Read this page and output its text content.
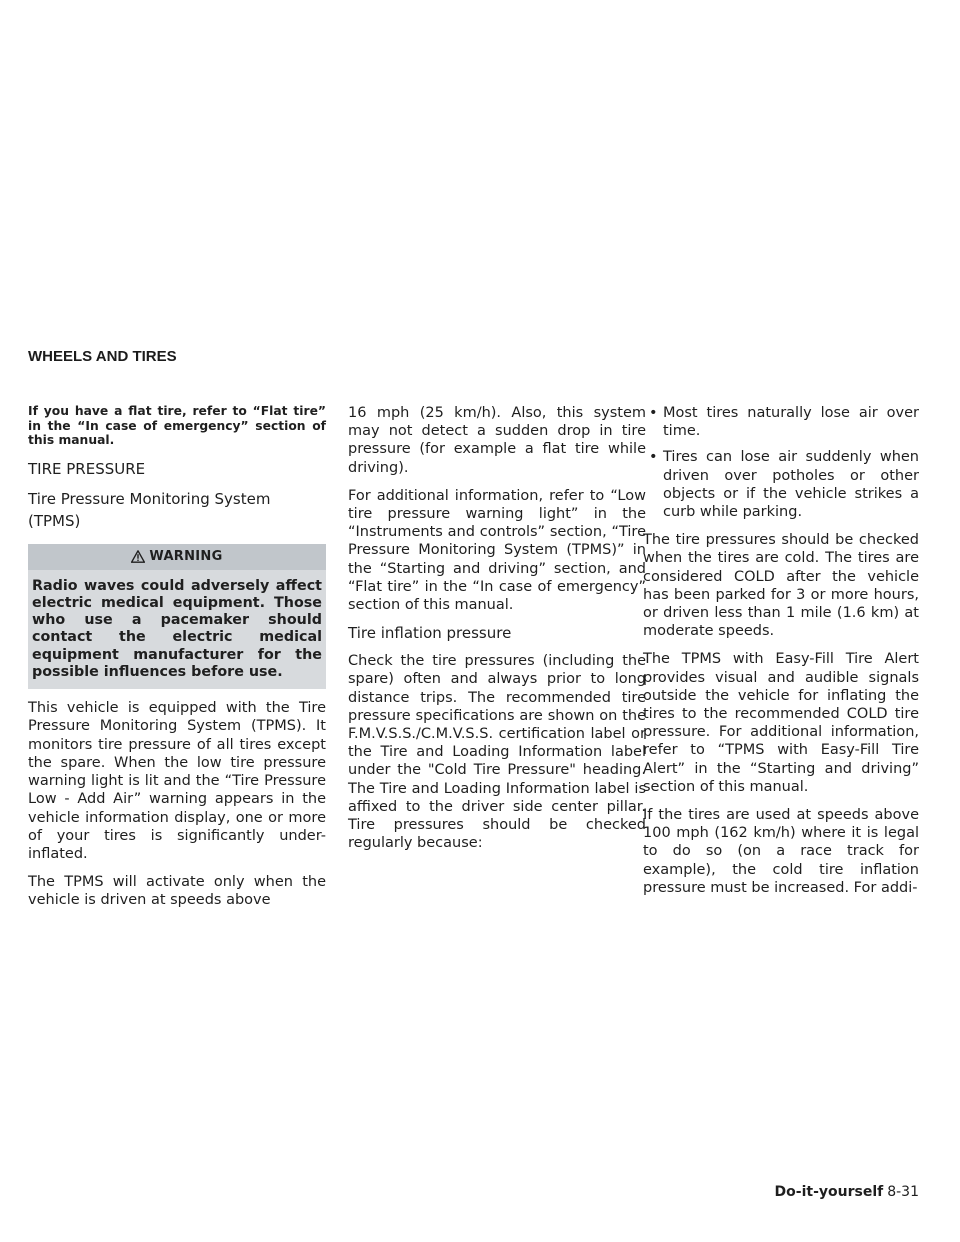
WHEELS AND TIRES

If you have a flat tire, refer to “Flat tire” in the “In case of emergency” section of this manual.

TIRE PRESSURE
Tire Pressure Monitoring System (TPMS)
WARNING

Radio waves could adversely affect electric medical equipment. Those who use a pacemaker should contact the electric medical equipment manufacturer for the possible influences before use.

This vehicle is equipped with the Tire Pressure Monitoring System (TPMS). It monitors tire pressure of all tires except the spare. When the low tire pressure warning light is lit and the “Tire Pressure Low - Add Air” warning appears in the vehicle information display, one or more of your tires is significantly under-inflated.

The TPMS will activate only when the vehicle is driven at speeds above

16 mph (25 km/h). Also, this system may not detect a sudden drop in tire pressure (for example a flat tire while driving).

For additional information, refer to “Low tire pressure warning light” in the “Instruments and controls” section, “Tire Pressure Monitoring System (TPMS)” in the “Starting and driving” section, and “Flat tire” in the “In case of emergency” section of this manual.

Tire inflation pressure

Check the tire pressures (including the spare) often and always prior to long distance trips. The recommended tire pressure specifications are shown on the F.M.V.S.S./C.M.V.S.S. certification label or the Tire and Loading Information label under the "Cold Tire Pressure" heading. The Tire and Loading Information label is affixed to the driver side center pillar. Tire pressures should be checked regularly because:

• Most tires naturally lose air over time.
• Tires can lose air suddenly when driven over potholes or other objects or if the vehicle strikes a curb while parking.

The tire pressures should be checked when the tires are cold. The tires are considered COLD after the vehicle has been parked for 3 or more hours, or driven less than 1 mile (1.6 km) at moderate speeds.

The TPMS with Easy-Fill Tire Alert provides visual and audible signals outside the vehicle for inflating the tires to the recommended COLD tire pressure. For additional information, refer to “TPMS with Easy-Fill Tire Alert” in the “Starting and driving” section of this manual.

If the tires are used at speeds above 100 mph (162 km/h) where it is legal to do so (on a race track for example), the cold tire inflation pressure must be increased. For addi-

Do-it-yourself 8-31
